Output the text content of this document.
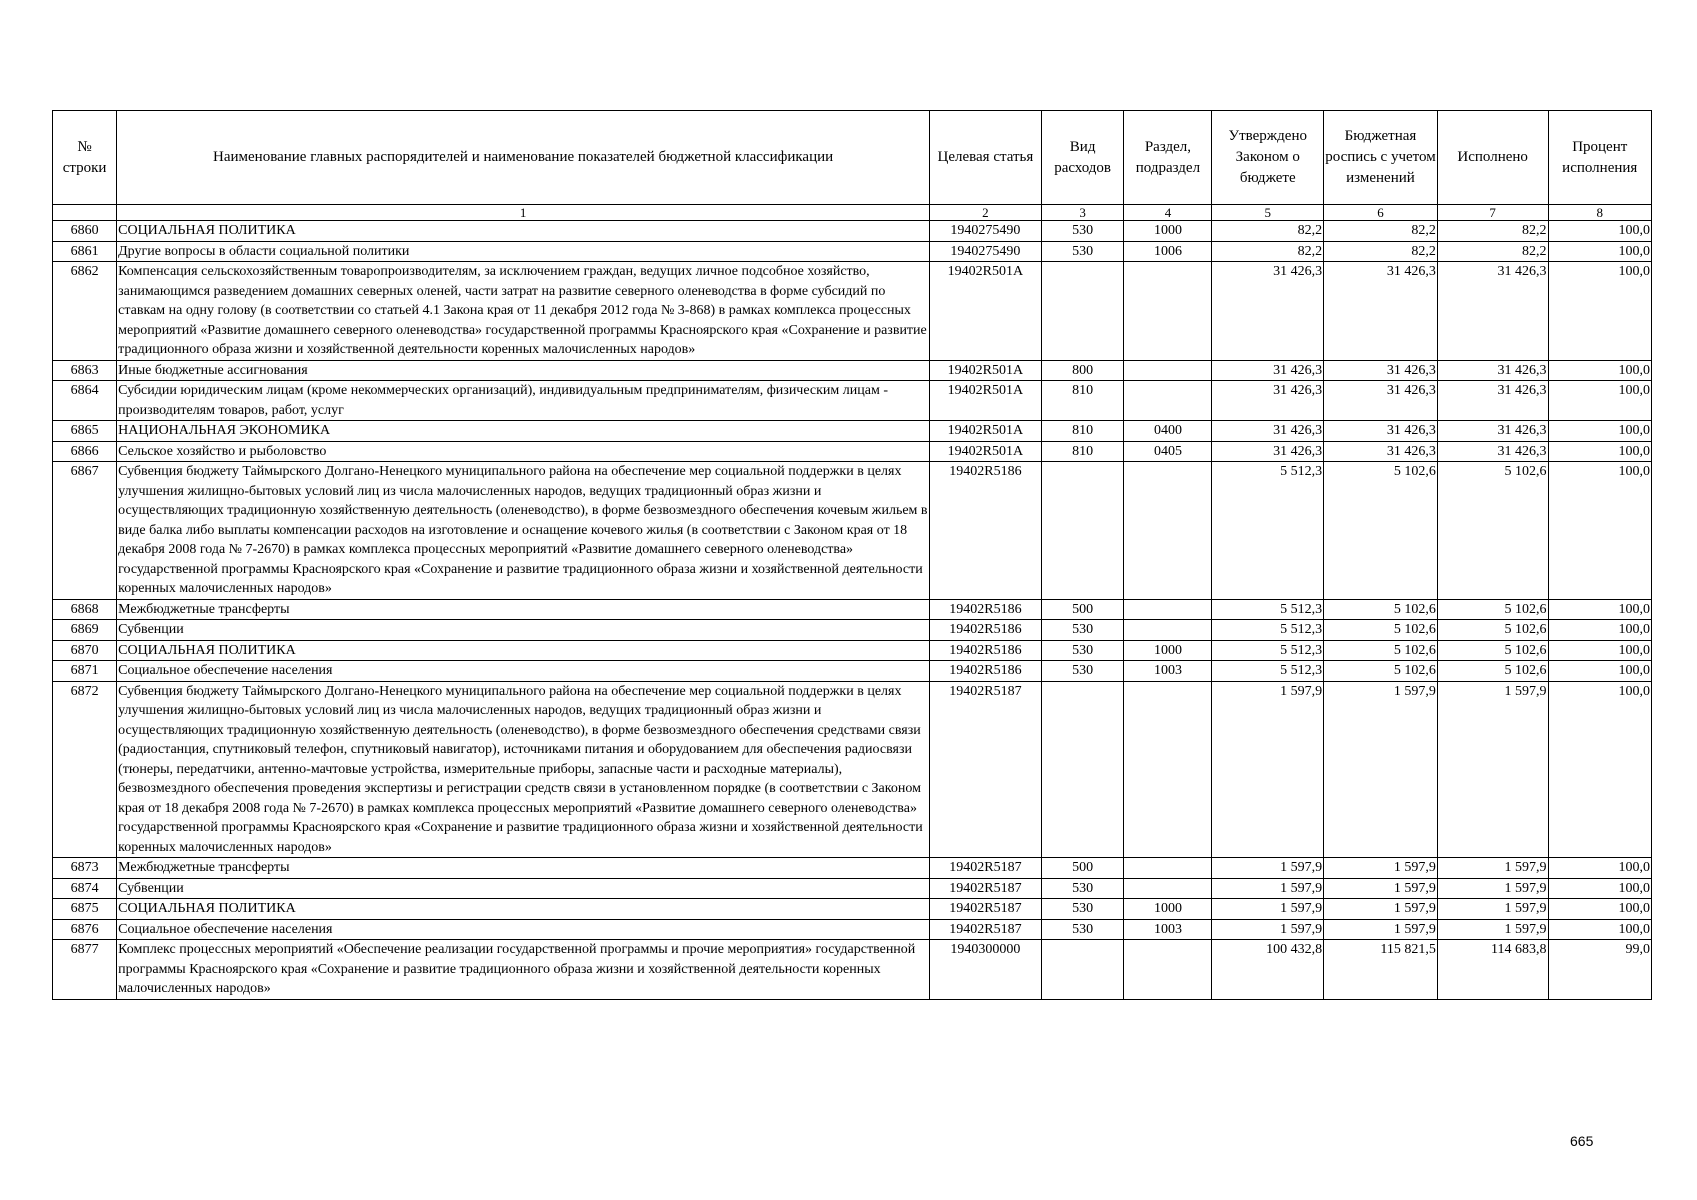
№ строки	Наименование главных распорядителей и наименование показателей бюджетной классификации	Целевая статья	Вид расходов	Раздел, подраздел	Утверждено Законом о бюджете	Бюджетная роспись с учетом изменений	Исполнено	Процент исполнения
	1	2	3	4	5	6	7	8
6860	СОЦИАЛЬНАЯ ПОЛИТИКА	1940275490	530	1000	82,2	82,2	82,2	100,0
6861	Другие вопросы в области социальной политики	1940275490	530	1006	82,2	82,2	82,2	100,0
6862	Компенсация сельскохозяйственным товаропроизводителям, за исключением граждан, ведущих личное подсобное хозяйство, занимающимся разведением домашних северных оленей, части затрат на развитие северного оленеводства в форме субсидий по ставкам на одну голову (в соответствии со статьей 4.1 Закона края от 11 декабря 2012 года № 3-868) в рамках комплекса процессных мероприятий «Развитие домашнего северного оленеводства» государственной программы Красноярского края «Сохранение и развитие традиционного образа жизни и хозяйственной деятельности коренных малочисленных народов»	19402R501A			31 426,3	31 426,3	31 426,3	100,0
6863	Иные бюджетные ассигнования	19402R501A	800		31 426,3	31 426,3	31 426,3	100,0
6864	Субсидии юридическим лицам (кроме некоммерческих организаций), индивидуальным предпринимателям, физическим лицам - производителям товаров, работ, услуг	19402R501A	810		31 426,3	31 426,3	31 426,3	100,0
6865	НАЦИОНАЛЬНАЯ ЭКОНОМИКА	19402R501A	810	0400	31 426,3	31 426,3	31 426,3	100,0
6866	Сельское хозяйство и рыболовство	19402R501A	810	0405	31 426,3	31 426,3	31 426,3	100,0
6867	Субвенция бюджету Таймырского Долгано-Ненецкого муниципального района на обеспечение мер социальной поддержки в целях улучшения жилищно-бытовых условий лиц из числа малочисленных народов, ведущих традиционный образ жизни и осуществляющих традиционную хозяйственную деятельность (оленеводство), в форме безвозмездного обеспечения кочевым жильем в виде балка либо выплаты компенсации расходов на изготовление и оснащение кочевого жилья (в соответствии с Законом края от 18 декабря 2008 года № 7-2670) в рамках комплекса процессных мероприятий «Развитие домашнего северного оленеводства» государственной программы Красноярского края «Сохранение и развитие традиционного образа жизни и хозяйственной деятельности коренных малочисленных народов»	19402R5186			5 512,3	5 102,6	5 102,6	100,0
6868	Межбюджетные трансферты	19402R5186	500		5 512,3	5 102,6	5 102,6	100,0
6869	Субвенции	19402R5186	530		5 512,3	5 102,6	5 102,6	100,0
6870	СОЦИАЛЬНАЯ ПОЛИТИКА	19402R5186	530	1000	5 512,3	5 102,6	5 102,6	100,0
6871	Социальное обеспечение населения	19402R5186	530	1003	5 512,3	5 102,6	5 102,6	100,0
6872	Субвенция бюджету Таймырского Долгано-Ненецкого муниципального района на обеспечение мер социальной поддержки в целях улучшения жилищно-бытовых условий лиц из числа малочисленных народов, ведущих традиционный образ жизни и осуществляющих традиционную хозяйственную деятельность (оленеводство), в форме безвозмездного обеспечения средствами связи (радиостанция, спутниковый телефон, спутниковый навигатор), источниками питания и оборудованием для обеспечения радиосвязи (тюнеры, передатчики, антенно-мачтовые устройства, измерительные приборы, запасные части и расходные материалы), безвозмездного обеспечения проведения экспертизы и регистрации средств связи в установленном порядке (в соответствии с Законом края от 18 декабря 2008 года № 7-2670) в рамках комплекса процессных мероприятий «Развитие домашнего северного оленеводства» государственной программы Красноярского края «Сохранение и развитие традиционного образа жизни и хозяйственной деятельности коренных малочисленных народов»	19402R5187			1 597,9	1 597,9	1 597,9	100,0
6873	Межбюджетные трансферты	19402R5187	500		1 597,9	1 597,9	1 597,9	100,0
6874	Субвенции	19402R5187	530		1 597,9	1 597,9	1 597,9	100,0
6875	СОЦИАЛЬНАЯ ПОЛИТИКА	19402R5187	530	1000	1 597,9	1 597,9	1 597,9	100,0
6876	Социальное обеспечение населения	19402R5187	530	1003	1 597,9	1 597,9	1 597,9	100,0
6877	Комплекс процессных мероприятий «Обеспечение реализации государственной программы и прочие мероприятия» государственной программы Красноярского края «Сохранение и развитие традиционного образа жизни и хозяйственной деятельности коренных малочисленных народов»	1940300000			100 432,8	115 821,5	114 683,8	99,0
665
